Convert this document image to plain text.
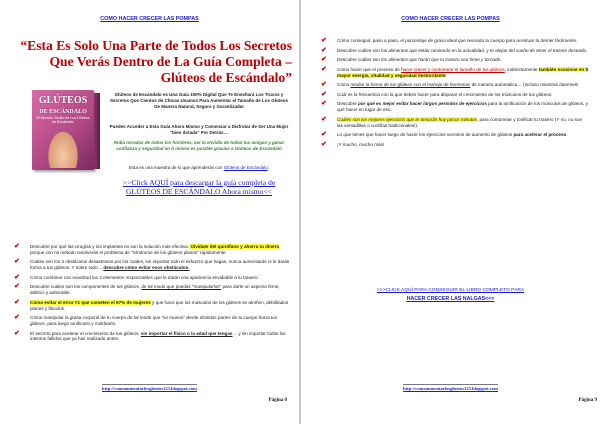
COMO HACER CRECER LAS POMPAS
“Esta Es Solo Una Parte de Todos Los Secretos
Que Verás Dentro de La Guía Completa –
Glúteos de Escándalo”
GLÚTEOS
DE ESCÁNDALO
El Secreto Oculto de Los Glúteos de Escándalo
Glúteos de Escándalo es Una Guía 100% Digital Que Te Enseñará Los Trucos y Secretos Que Cientos de Chicas Usamos Para Aumentar el Tamaño de Los Glúteos De Manera Natural, Segura y Garantizada!
Puedes Acceder a Esta Guía Ahora Mismo y Comenzar a Disfrutar de Ser Una Mujer "bien dotada" Por Detrás…
Roba miradas de todos los hombres, ser la envidia de todas tus amigas y ganar confianza y seguridad en ti misma es posible gracias a Glúteos de Escándalo
Esta es una muestra de lo que aprenderás con Glúteos de Escándalo:
>>Click AQUÍ para descargar la guía completa de
GLÚTEOS DE ESCÁNDALO Ahora mismo<<
✔ Descubre por qué las cirugías y los implantes no son la solución más efectiva. Olvídate del quirófano y ahorra tu dinero, porque con mi método resolverás el problema de "Síndrome de los glúteos planos" rápidamente.
✔ Cuáles son los 3 obstáculos desastrosos por los cuales, sin importar todo el esfuerzo que hagas, nunca aumentarás ni le darás forma a tus glúteos. Y sobre todo… descubre cómo evitar esos obstáculos.
✔ Cómo combinar con exactitud los 3 elementos responsables que le darán una apariencia envidiable a tu trasero.
✔ Descubre cuáles son los componentes de tus glúteos, de tal modo que puedas "manipularlos" para darle un aspecto firme, atlético y admirable.
✔ Cómo evitar el error #1 que cometen el 97% de mujeres y que hace que los músculos de los glúteos se atrofien, debilitados planos y flácidos.
✔ Cómo manipular la grasa corporal de tu cuerpo de tal modo que "se mueva" desde distintas partes de tu cuerpo hacia tus glúteos, para luego tonificarlo y moldearlo.
✔ El secreto para acelerar el crecimiento de tus glúteos, sin importar el físico o la edad que tengas… y sin importar todos los intentos fallidos que ya has realizado antes.
http://comoaumentarlosgluteos123.blogspot.com
Página 8
COMO HACER CRECER LAS POMPAS
✔ Cómo conseguir, paso a paso, el porcentaje de grasa ideal que necesita tu cuerpo para acentuar tu derrier fácilmente.
✔ Descubre cuáles son los alimentos que estás comiendo en la actualidad, y te alejan del sueño de tener el trasero deseado.
✔ Descubre cuáles son los alimentos que harán que tu trasero sea firme y tornado.
✔ Cómo hacer que el proceso de hacer crecer y contornear el tamaño de tus glúteos, indirectamente también ocasione en ti mayor energía, vitalidad y seguridad desbordante.
✔ Cómo mediar la forma de tus glúteos con el manejo de hormonas de manera automática… (incluso mientras duermes!
✔ Cuál es la frecuencia con la que debes hacer para disparar el crecimiento de los músculos de tus glúteos.
✔ Descubre por qué es mejor evitar hacer largos períodos de ejercicios para la tonificación de los músculos de glúteos, y qué hacer en lugar de eso.
✔ Cuáles son los mejores ejercicios que te tomarán hoy pocos minutos, para contornear y tonificar tu trasero (Y no, no son las sentadillas o cuclillas tradicionales!).
✔ Lo que tienes que hacer luego de hacer los ejercicios secretos de aumento de glúteos para acelerar el proceso.
✔ ¡Y mucho, mucho más!
>>>CLICK AQUÍ PARA CONSEGUIR EL LIBRO COMPLETO PARA
HACER CRECER LAS NALGAS<<<
http://comoaumentarlosgluteos123.blogspot.com
Página 9
